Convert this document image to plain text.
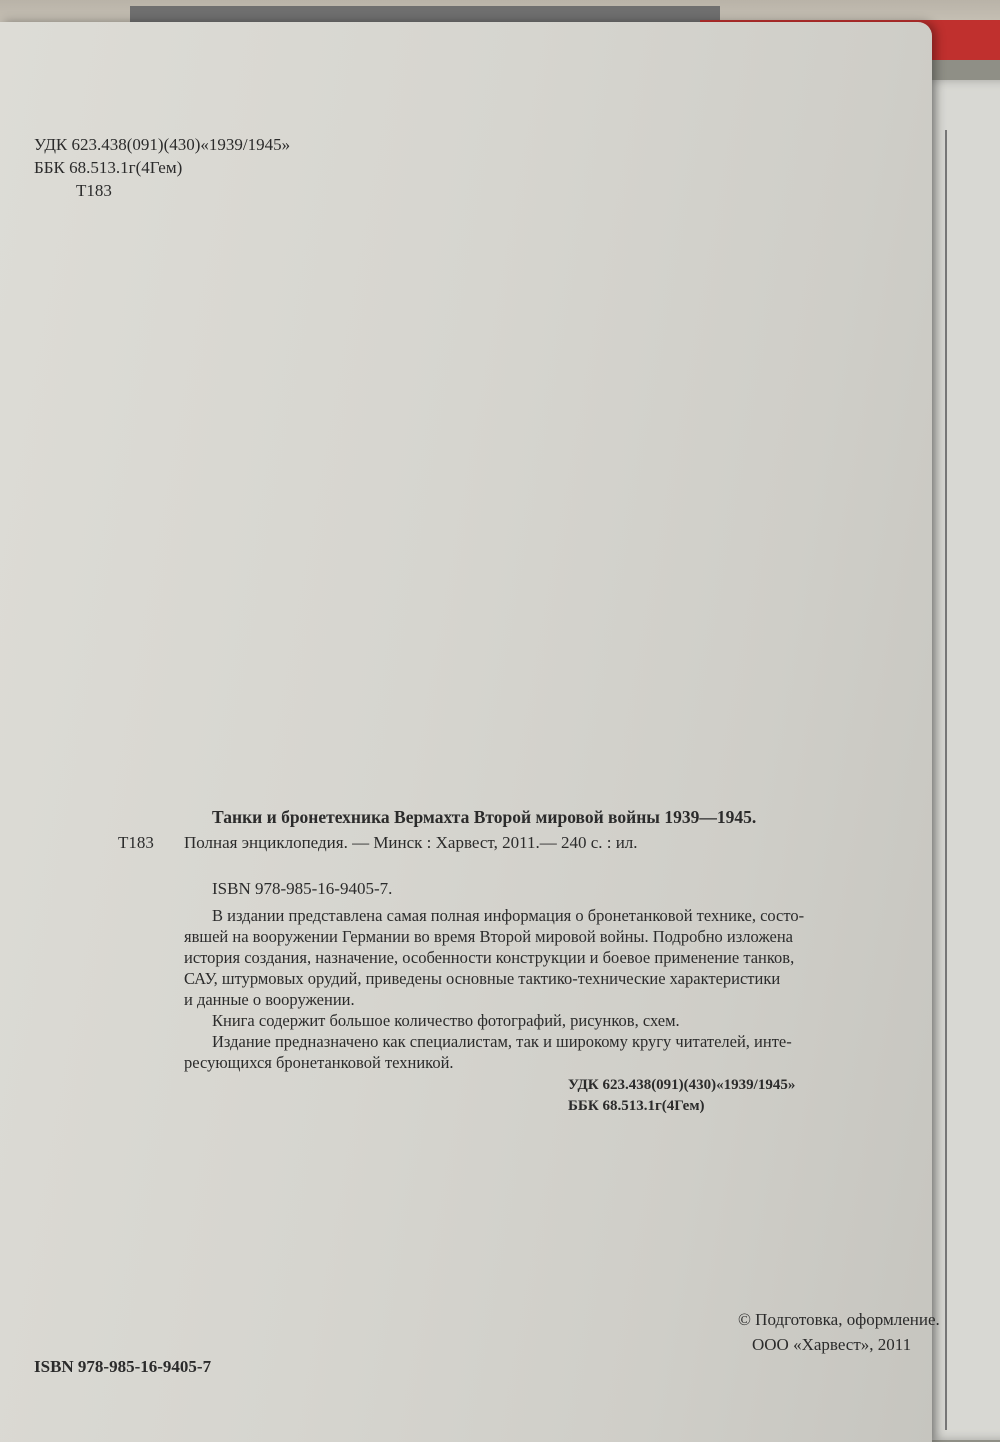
УДК 623.438(091)(430)«1939/1945»
ББК 68.513.1г(4Гем)
Т183
Танки и бронетехника Вермахта Второй мировой войны 1939—1945.
Т183 Полная энциклопедия. — Минск : Харвест, 2011.— 240 с. : ил.
ISBN 978-985-16-9405-7.
В издании представлена самая полная информация о бронетанковой технике, состо-
явшей на вооружении Германии во время Второй мировой войны. Подробно изложена
история создания, назначение, особенности конструкции и боевое применение танков,
САУ, штурмовых орудий, приведены основные тактико-технические характеристики
и данные о вооружении.
Книга содержит большое количество фотографий, рисунков, схем.
Издание предназначено как специалистам, так и широкому кругу читателей, инте-
ресующихся бронетанковой техникой.
УДК 623.438(091)(430)«1939/1945»
ББК 68.513.1г(4Гем)
ISBN 978-985-16-9405-7
© Подготовка, оформление.
ООО «Харвест», 2011
